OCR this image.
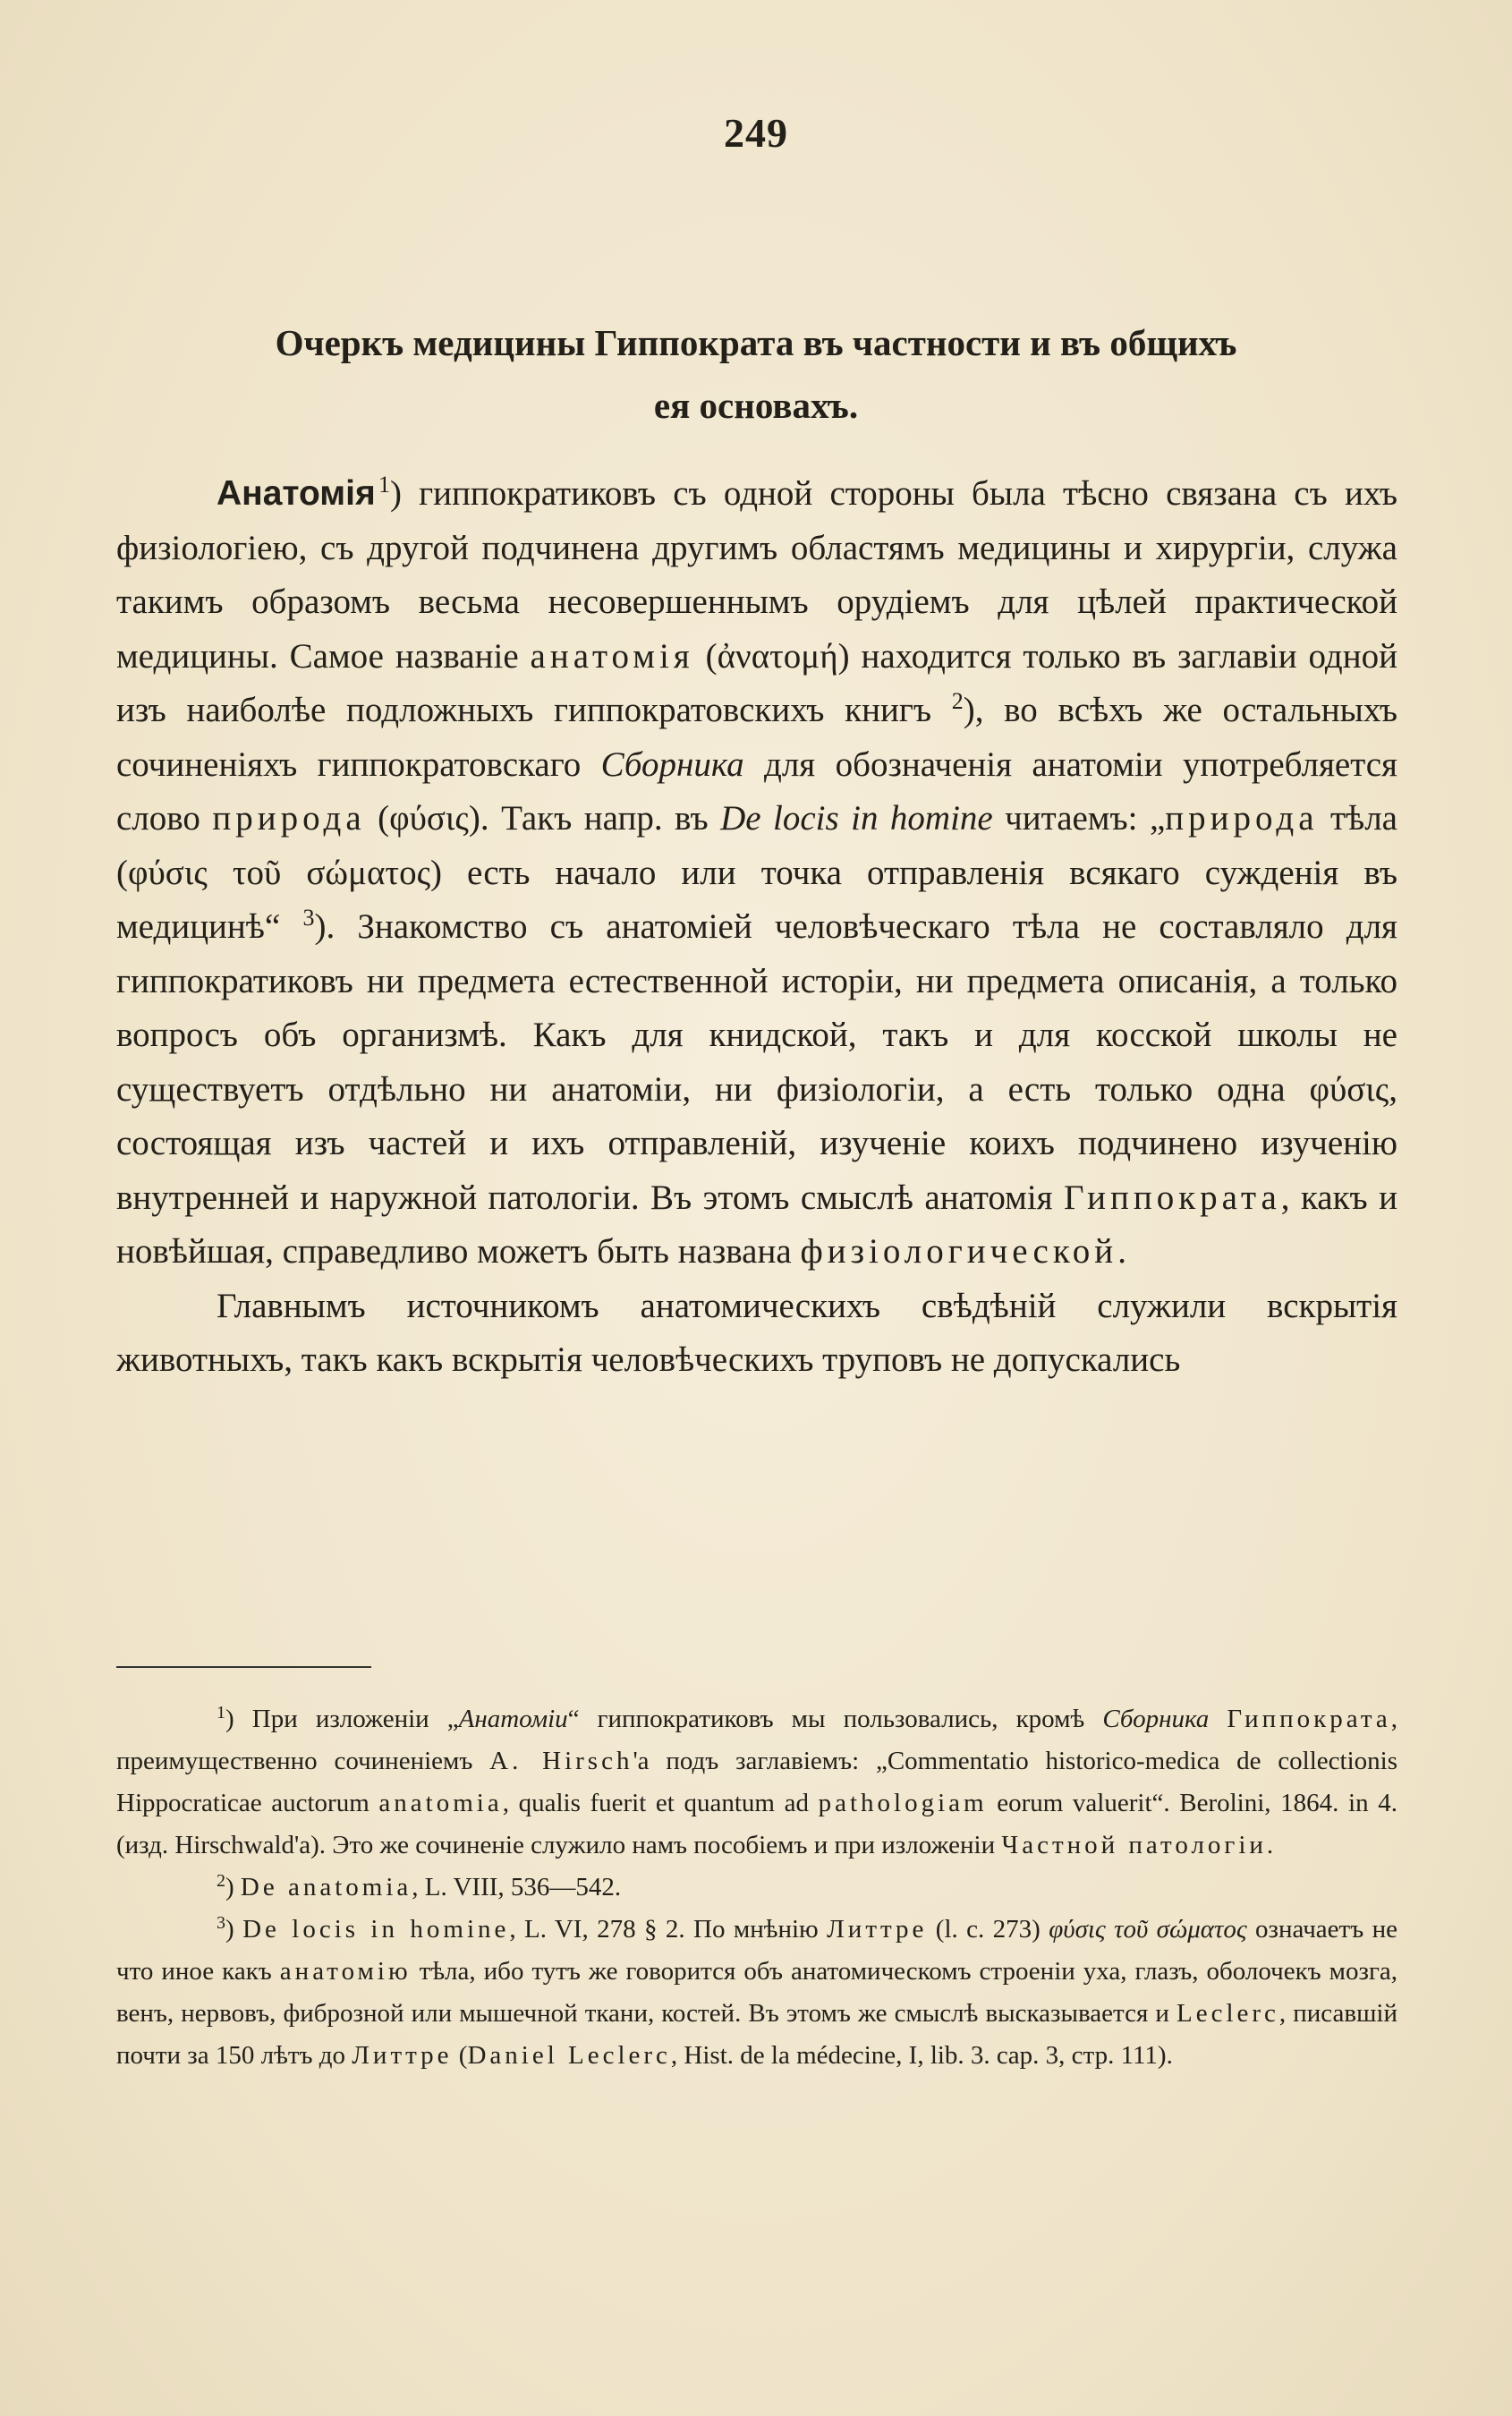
249
Очеркъ медицины Гиппократа въ частности и въ общихъ
ея основахъ.

Анатомія  $^1$) гиппократиковъ съ одной стороны была тѣсно связана съ ихъ физіологіею, съ другой подчинена другимъ областямъ медицины и хирургіи, служа такимъ образомъ весьма несовершеннымъ орудіемъ для цѣлей практической медицины. Самое названіе анатомія (ἀνατομή) находится только въ заглавіи одной изъ наиболѣе подложныхъ гиппократовскихъ книгъ $^2$), во всѣхъ же остальныхъ сочиненіяхъ гиппократовскаго Сборника для обозначенія анатоміи употребляется слово природа (φύσις). Такъ напр. въ De locis in homine читаемъ: „природа тѣла (φύσις τοῦ σώματος) есть начало или точка отправленія всякаго сужденія въ медицинѣ“ $^3$). Знакомство съ анатоміей человѣческаго тѣла не составляло для гиппократиковъ ни предмета естественной исторіи, ни предмета описанія, а только вопросъ объ организмѣ. Какъ для книдской, такъ и для косской школы не существуетъ отдѣльно ни анатоміи, ни физіологіи, а есть только одна φύσις, состоящая изъ частей и ихъ отправленій, изученіе коихъ подчинено изученію внутренней и наружной патологіи. Въ этомъ смыслѣ анатомія Гиппократа, какъ и новѣйшая, справедливо можетъ быть названа физіологической.

Главнымъ источникомъ анатомическихъ свѣдѣній служили вскрытія животныхъ, такъ какъ вскрытія человѣческихъ труповъ не допускались

$^1$) При изложеніи „Анатоміи“ гиппократиковъ мы пользовались, кромѣ Сборника Гиппократа, преимущественно сочиненіемъ А. Hirsch'а подъ заглавіемъ: „Commentatio historico-medica de collectionis Hippocraticae auctorum anatomia, qualis fuerit et quantum ad pathologiam eorum valuerit“. Berolini, 1864. in 4. (изд. Hirschwald'а). Это же сочиненіе служило намъ пособіемъ и при изложеніи Частной патологіи.

$^2$) De anatomia, L. VIII, 536—542.

$^3$) De locis in homine, L. VI, 278 § 2. По мнѣнію Литтре (l. c. 273) φύσις τοῦ σώματος означаетъ не что иное какъ анатомію тѣла, ибо тутъ же говорится объ анатомическомъ строеніи уха, глазъ, оболочекъ мозга, венъ, нервовъ, фиброзной или мышечной ткани, костей. Въ этомъ же смыслѣ высказывается и Leclerc, писавшій почти за 150 лѣтъ до Литтре (Daniel Leclerc, Hist. de la médecine, I, lib. 3. cap. 3, стр. 111).
